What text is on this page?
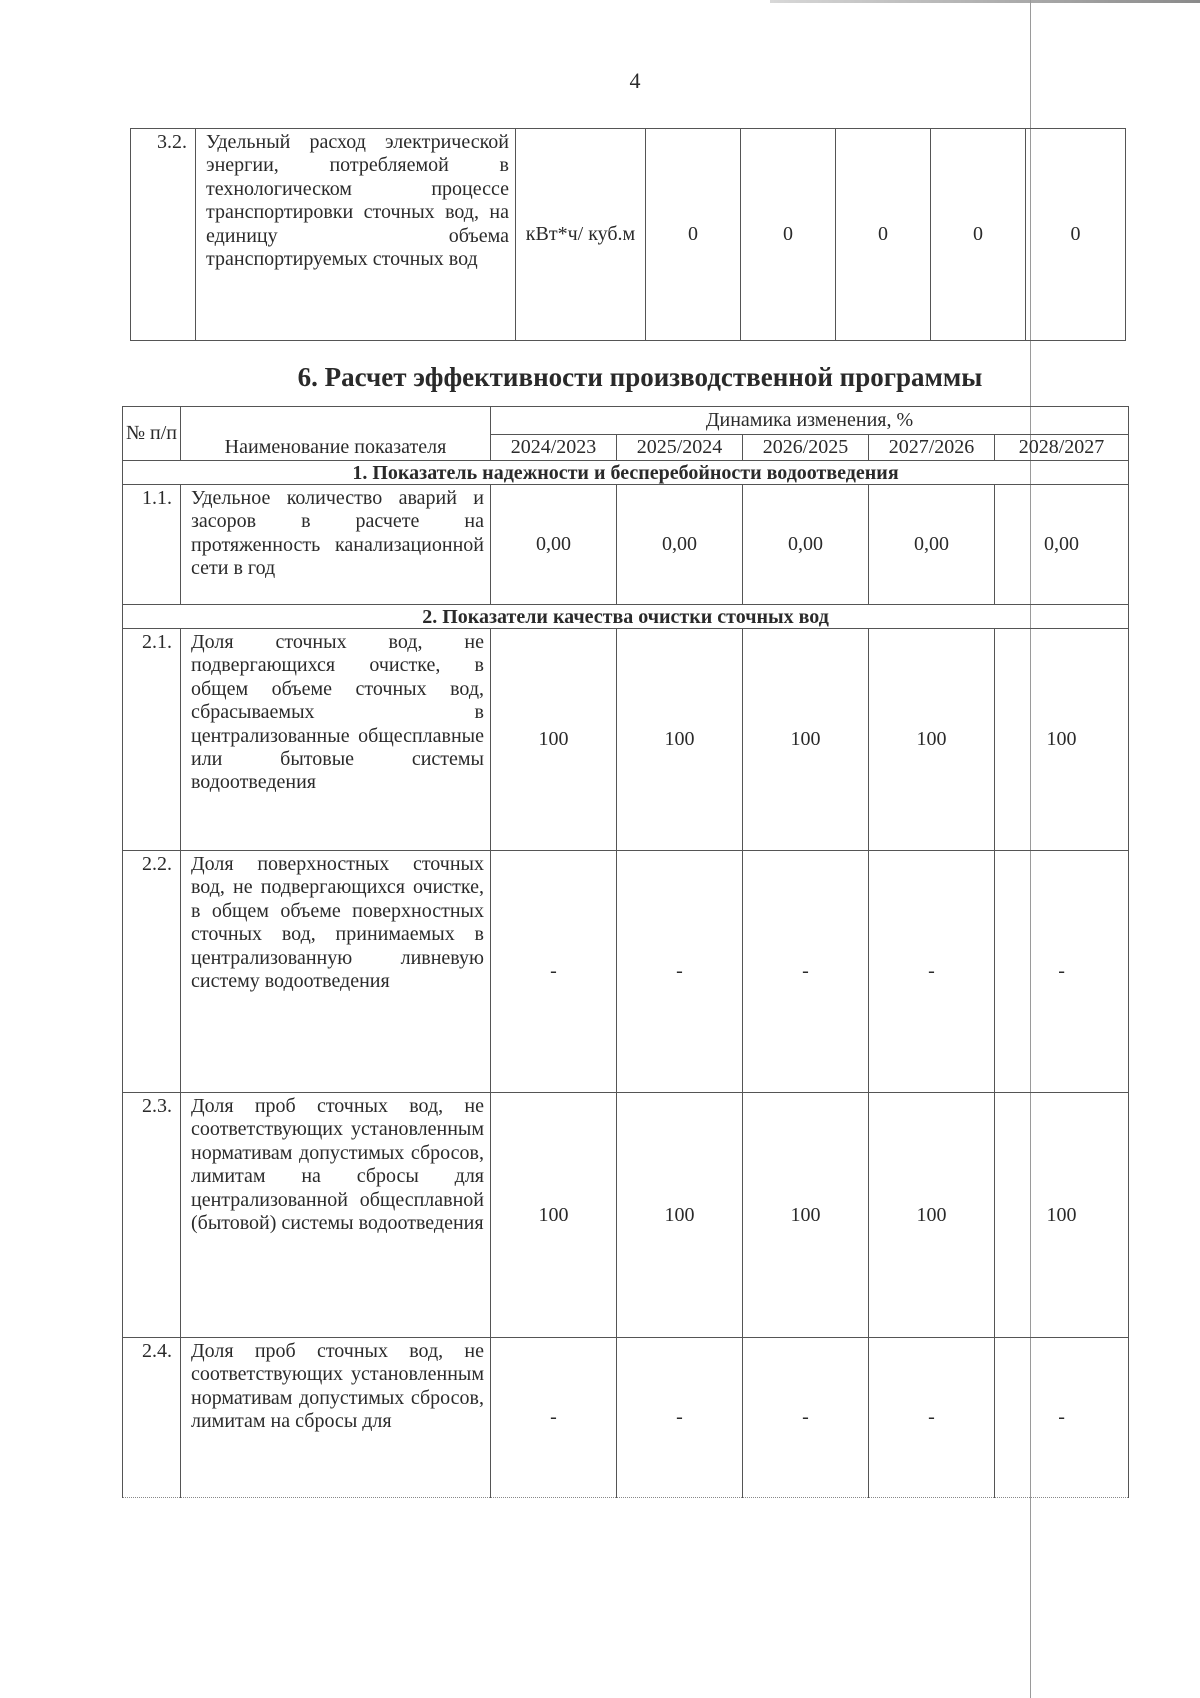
4
3.2.	Удельный расход электрической энергии, потребляемой в технологическом процессе транспортировки сточных вод, на единицу объема транспортируемых сточных вод	кВт*ч/ куб.м	0	0	0	0	0
6. Расчет эффективности производственной программы
№ п/п	Наименование показателя	Динамика изменения, %				
		2024/2023	2025/2024	2026/2025	2027/2026	2028/2027
1. Показатель надежности и бесперебойности водоотведения						
1.1.	Удельное количество аварий и засоров в расчете на протяженность канализационной сети в год	0,00	0,00	0,00	0,00	0,00
2. Показатели качества очистки сточных вод						
2.1.	Доля сточных вод, не подвергающихся очистке, в общем объеме сточных вод, сбрасываемых в централизованные общесплавные или бытовые системы водоотведения	100	100	100	100	100
2.2.	Доля поверхностных сточных вод, не подвергающихся очистке, в общем объеме поверхностных сточных вод, принимаемых в централизованную ливневую систему водоотведения	-	-	-	-	-
2.3.	Доля проб сточных вод, не соответствующих установленным нормативам допустимых сбросов, лимитам на сбросы для централизованной общесплавной (бытовой) системы водоотведения	100	100	100	100	100
2.4.	Доля проб сточных вод, не соответствующих установленным нормативам допустимых сбросов, лимитам на сбросы для	-	-	-	-	-
